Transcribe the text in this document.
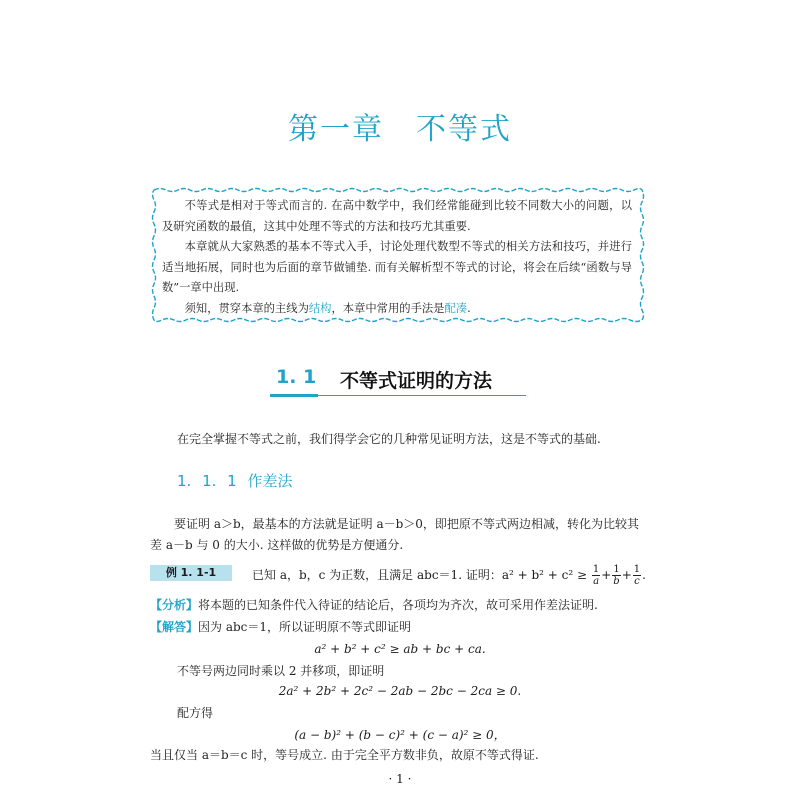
第一章　不等式

不等式是相对于等式而言的. 在高中数学中，我们经常能碰到比较不同数大小的问题，以及研究函数的最值，这其中处理不等式的方法和技巧尤其重要.

本章就从大家熟悉的基本不等式入手，讨论处理代数型不等式的相关方法和技巧，并进行适当地拓展，同时也为后面的章节做铺垫. 而有关解析型不等式的讨论，将会在后续“函数与导数”一章中出现.

须知，贯穿本章的主线为结构，本章中常用的手法是配凑.

1. 1 不等式证明的方法
在完全掌握不等式之前，我们得学会它的几种常见证明方法，这是不等式的基础.
1. 1. 1 作差法
要证明 a＞b，最基本的方法就是证明 a－b＞0，即把原不等式两边相减，转化为比较其差 a－b 与 0 的大小. 这样做的优势是方便通分.
例 1. 1-1	已知 a，b，c 为正数，且满足 abc＝1. 证明：$a^2 + b^2 + c^2 \ge \frac{1}{a} + \frac{1}{b} + \frac{1}{c}$ .
【分析】将本题的已知条件代入待证的结论后，各项均为齐次，故可采用作差法证明.
【解答】因为 abc＝1，所以证明原不等式即证明
a² + b² + c² ≥ ab + bc + ca.
不等号两边同时乘以 2 并移项，即证明
2a² + 2b² + 2c² − 2ab − 2bc − 2ca ≥ 0.
配方得
(a − b)² + (b − c)² + (c − a)² ≥ 0，
当且仅当 a＝b＝c 时，等号成立. 由于完全平方数非负，故原不等式得证.
· 1 ·
